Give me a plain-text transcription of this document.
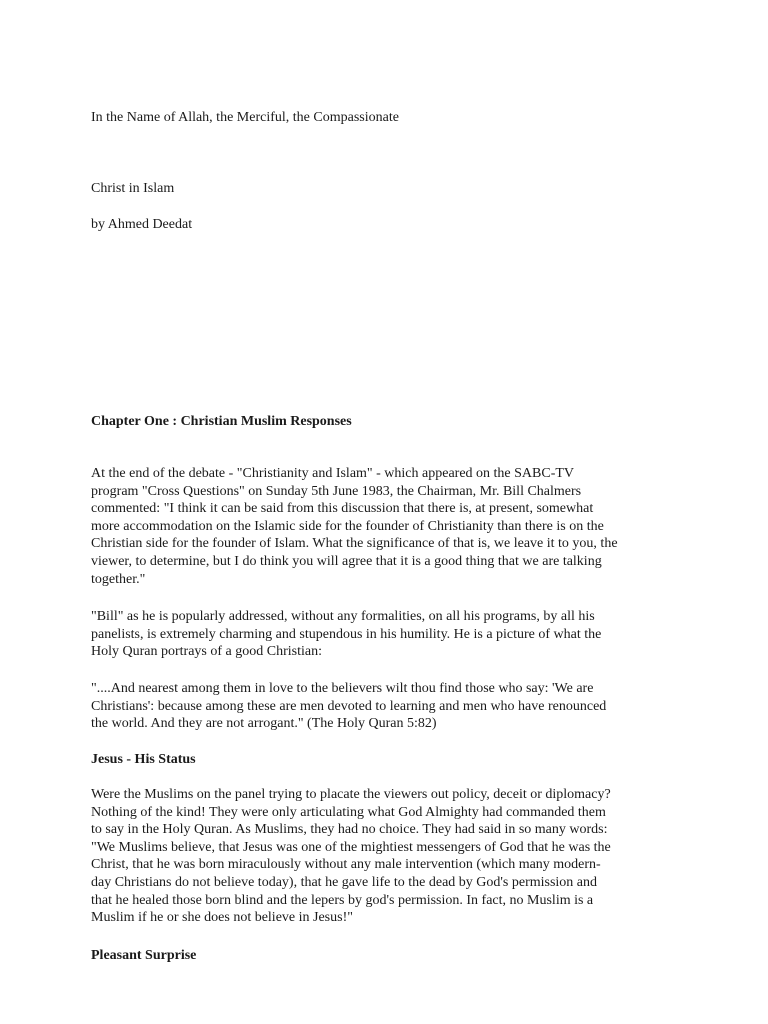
In the Name of Allah, the Merciful, the Compassionate

Christ in Islam

by Ahmed Deedat

Chapter One : Christian Muslim Responses

At the end of the debate - "Christianity and Islam" - which appeared on the SABC-TV
program "Cross Questions" on Sunday 5th June 1983, the Chairman, Mr. Bill Chalmers
commented: "I think it can be said from this discussion that there is, at present, somewhat
more accommodation on the Islamic side for the founder of Christianity than there is on the
Christian side for the founder of Islam. What the significance of that is, we leave it to you, the
viewer, to determine, but I do think you will agree that it is a good thing that we are talking
together."
"Bill" as he is popularly addressed, without any formalities, on all his programs, by all his
panelists, is extremely charming and stupendous in his humility. He is a picture of what the
Holy Quran portrays of a good Christian:
"....And nearest among them in love to the believers wilt thou find those who say: 'We are
Christians': because among these are men devoted to learning and men who have renounced
the world. And they are not arrogant." (The Holy Quran 5:82)

Jesus - His Status

Were the Muslims on the panel trying to placate the viewers out policy, deceit or diplomacy?
Nothing of the kind! They were only articulating what God Almighty had commanded them
to say in the Holy Quran. As Muslims, they had no choice. They had said in so many words:
"We Muslims believe, that Jesus was one of the mightiest messengers of God that he was the
Christ, that he was born miraculously without any male intervention (which many modern-
day Christians do not believe today), that he gave life to the dead by God's permission and
that he healed those born blind and the lepers by god's permission. In fact, no Muslim is a
Muslim if he or she does not believe in Jesus!"

Pleasant Surprise
